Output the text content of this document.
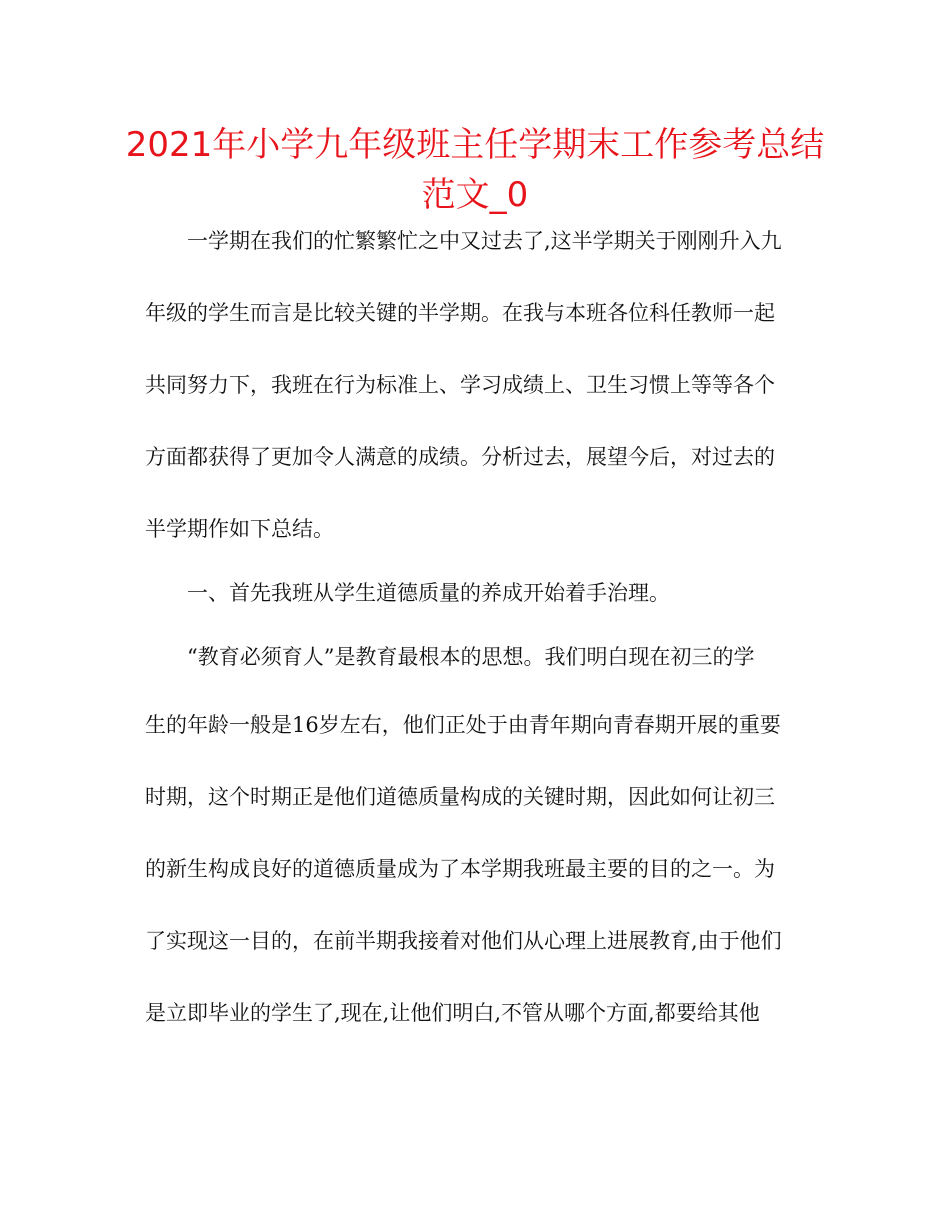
2021年小学九年级班主任学期末工作参考总结
范文_0

一学期在我们的忙繁繁忙之中又过去了,这半学期关于刚刚升入九

年级的学生而言是比较关键的半学期。在我与本班各位科任教师一起

共同努力下，我班在行为标准上、学习成绩上、卫生习惯上等等各个

方面都获得了更加令人满意的成绩。分析过去，展望今后，对过去的

半学期作如下总结。

一、首先我班从学生道德质量的养成开始着手治理。

“教育必须育人”是教育最根本的思想。我们明白现在初三的学

生的年龄一般是16岁左右，他们正处于由青年期向青春期开展的重要

时期，这个时期正是他们道德质量构成的关键时期，因此如何让初三

的新生构成良好的道德质量成为了本学期我班最主要的目的之一。为

了实现这一目的，在前半期我接着对他们从心理上进展教育,由于他们

是立即毕业的学生了,现在,让他们明白,不管从哪个方面,都要给其他
